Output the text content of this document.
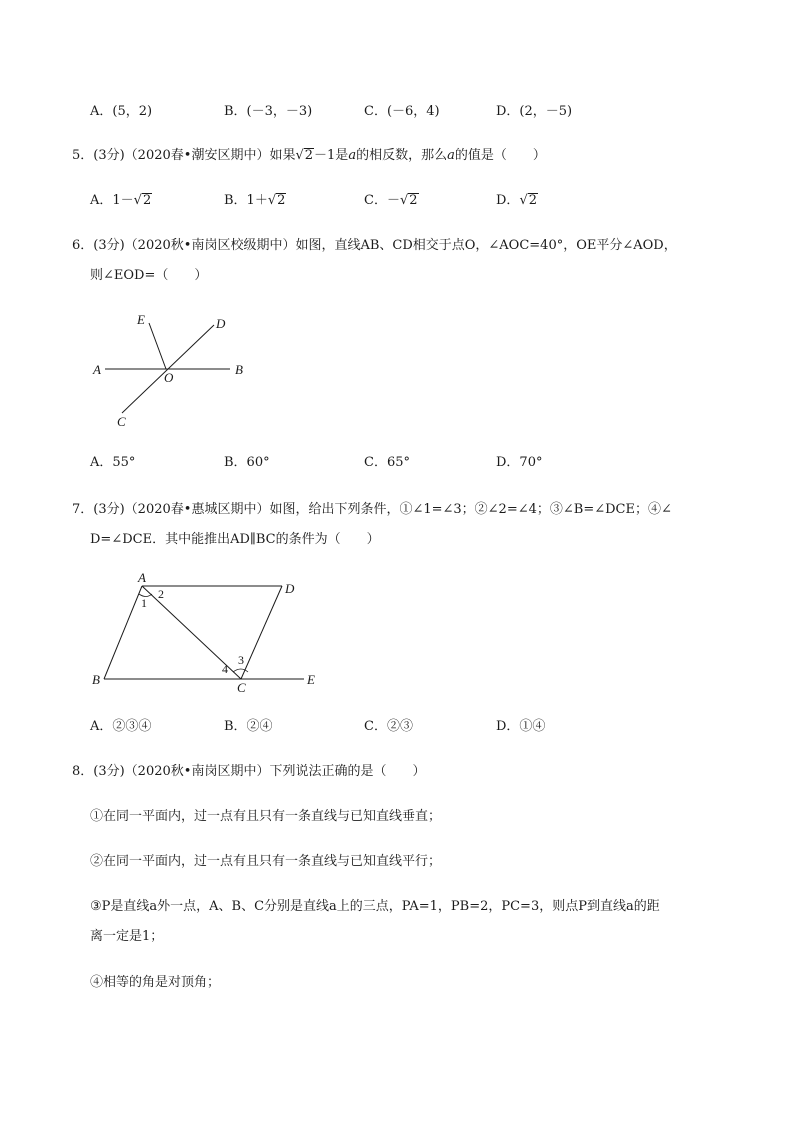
A．(5，2)	B．(－3，－3)	C．(－6，4)	D．(2，－5)
5．(3分)（2020春•潮安区期中）如果√2－1是a的相反数，那么a的值是（　　）
A．1－√2	B．1＋√2	C．－√2	D．√2
6．(3分)（2020秋•南岗区校级期中）如图，直线AB、CD相交于点O，∠AOC=40°，OE平分∠AOD，
则∠EOD=（　　）
E	D
A
O
B
C
A．55°	B．60°	C．65°	D．70°
7．(3分)（2020春•惠城区期中）如图，给出下列条件，①∠1=∠3；②∠2=∠4；③∠B=∠DCE；④∠
D=∠DCE．其中能推出AD∥BC的条件为（　　）
A
D
B
C
E
1
2
3
4
A．②③④	B．②④	C．②③	D．①④
8．(3分)（2020秋•南岗区期中）下列说法正确的是（　　）
①在同一平面内，过一点有且只有一条直线与已知直线垂直；
②在同一平面内，过一点有且只有一条直线与已知直线平行；
③P是直线a外一点，A、B、C分别是直线a上的三点，PA=1，PB=2，PC=3，则点P到直线a的距
离一定是1；
④相等的角是对顶角；
